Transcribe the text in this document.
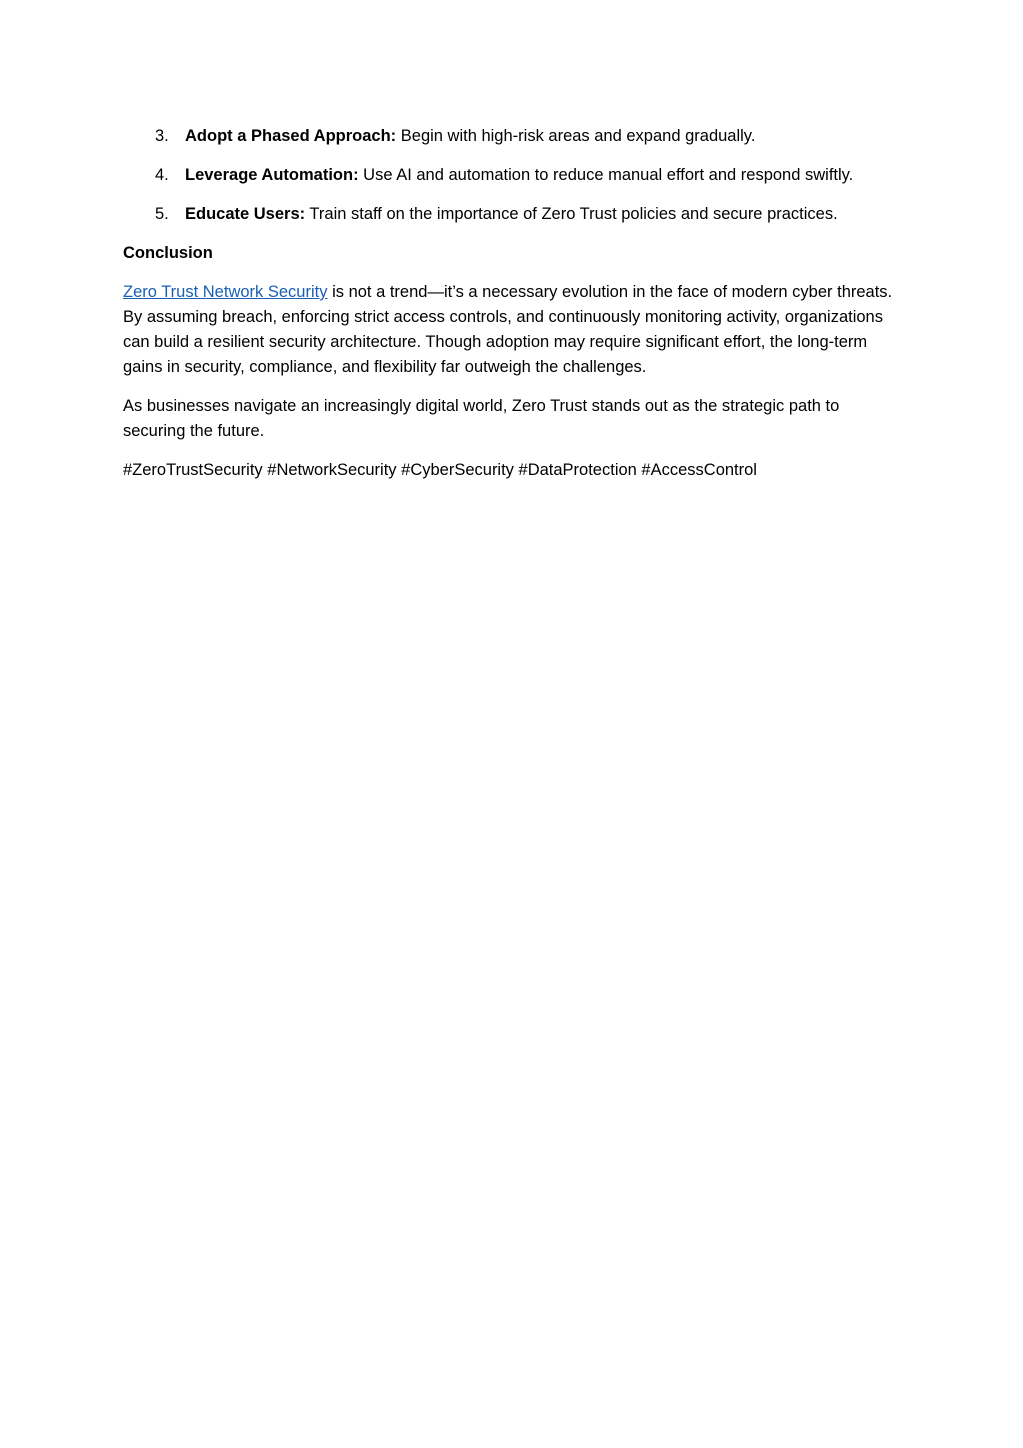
3. Adopt a Phased Approach: Begin with high-risk areas and expand gradually.
4. Leverage Automation: Use AI and automation to reduce manual effort and respond swiftly.
5. Educate Users: Train staff on the importance of Zero Trust policies and secure practices.

Conclusion

Zero Trust Network Security is not a trend—it’s a necessary evolution in the face of modern cyber threats. By assuming breach, enforcing strict access controls, and continuously monitoring activity, organizations can build a resilient security architecture. Though adoption may require significant effort, the long-term gains in security, compliance, and flexibility far outweigh the challenges.

As businesses navigate an increasingly digital world, Zero Trust stands out as the strategic path to securing the future.

#ZeroTrustSecurity #NetworkSecurity #CyberSecurity #DataProtection #AccessControl
